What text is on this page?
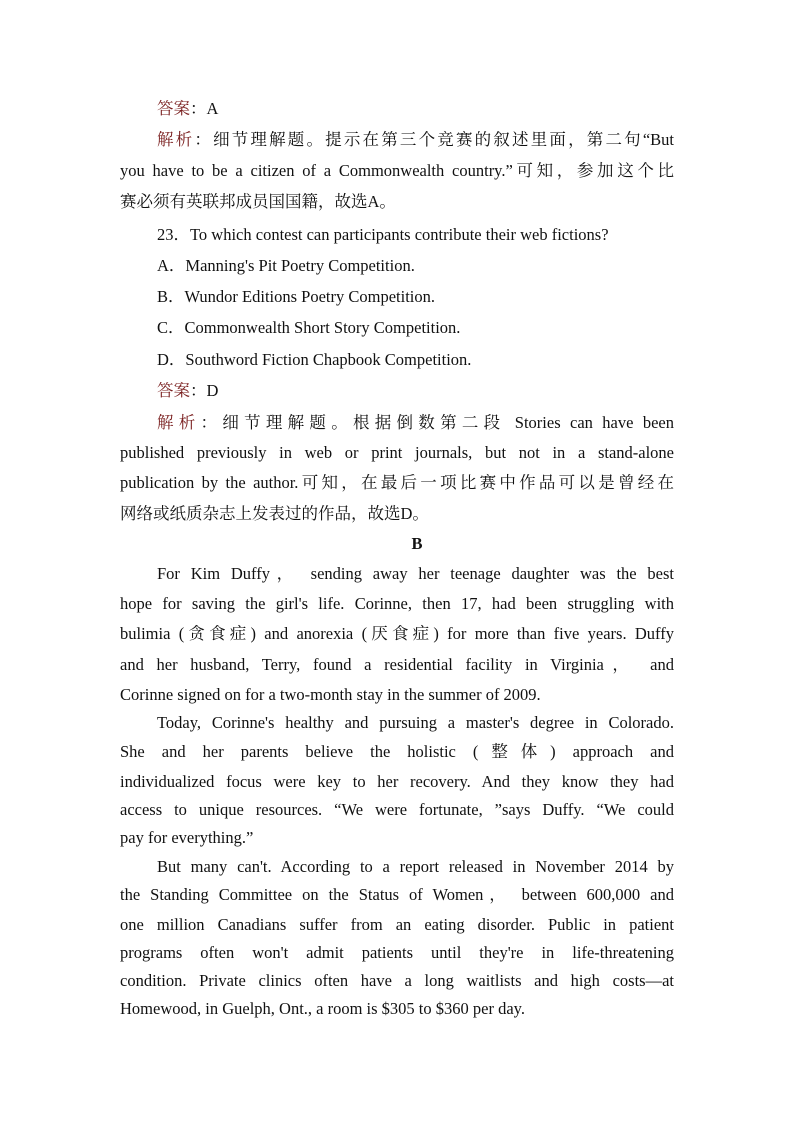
答案：A
解析：细节理解题。提示在第三个竞赛的叙述里面，第二句“But
you have to be a citizen of a Commonwealth country.”可知，参加这个比
赛必须有英联邦成员国国籍，故选A。
23．To which contest can participants contribute their web fictions?
A．Manning's Pit Poetry Competition.
B．Wundor Editions Poetry Competition.
C．Commonwealth Short Story Competition.
D．Southword Fiction Chapbook Competition.
答案：D
解析：细节理解题。根据倒数第二段 Stories can have been
published previously in web or print journals, but not in a stand-alone
publication by the author.可知，在最后一项比赛中作品可以是曾经在
网络或纸质杂志上发表过的作品，故选D。
B
For Kim Duffy， sending away her teenage daughter was the best
hope for saving the girl's life. Corinne, then 17, had been struggling with
bulimia (贪食症) and anorexia (厌食症) for more than five years. Duffy
and her husband, Terry, found a residential facility in Virginia， and
Corinne signed on for a two-month stay in the summer of 2009.
Today, Corinne's healthy and pursuing a master's degree in Colorado.
She and her parents believe the holistic (整体) approach and
individualized focus were key to her recovery. And they know they had
access to unique resources. “We were fortunate, ”says Duffy. “We could
pay for everything.”
But many can't. According to a report released in November 2014 by
the Standing Committee on the Status of Women， between 600,000 and
one million Canadians suffer from an eating disorder. Public in patient
programs often won't admit patients until they're in life-threatening
condition. Private clinics often have a long waitlists and high costs—at
Homewood, in Guelph, Ont., a room is $305 to $360 per day.
